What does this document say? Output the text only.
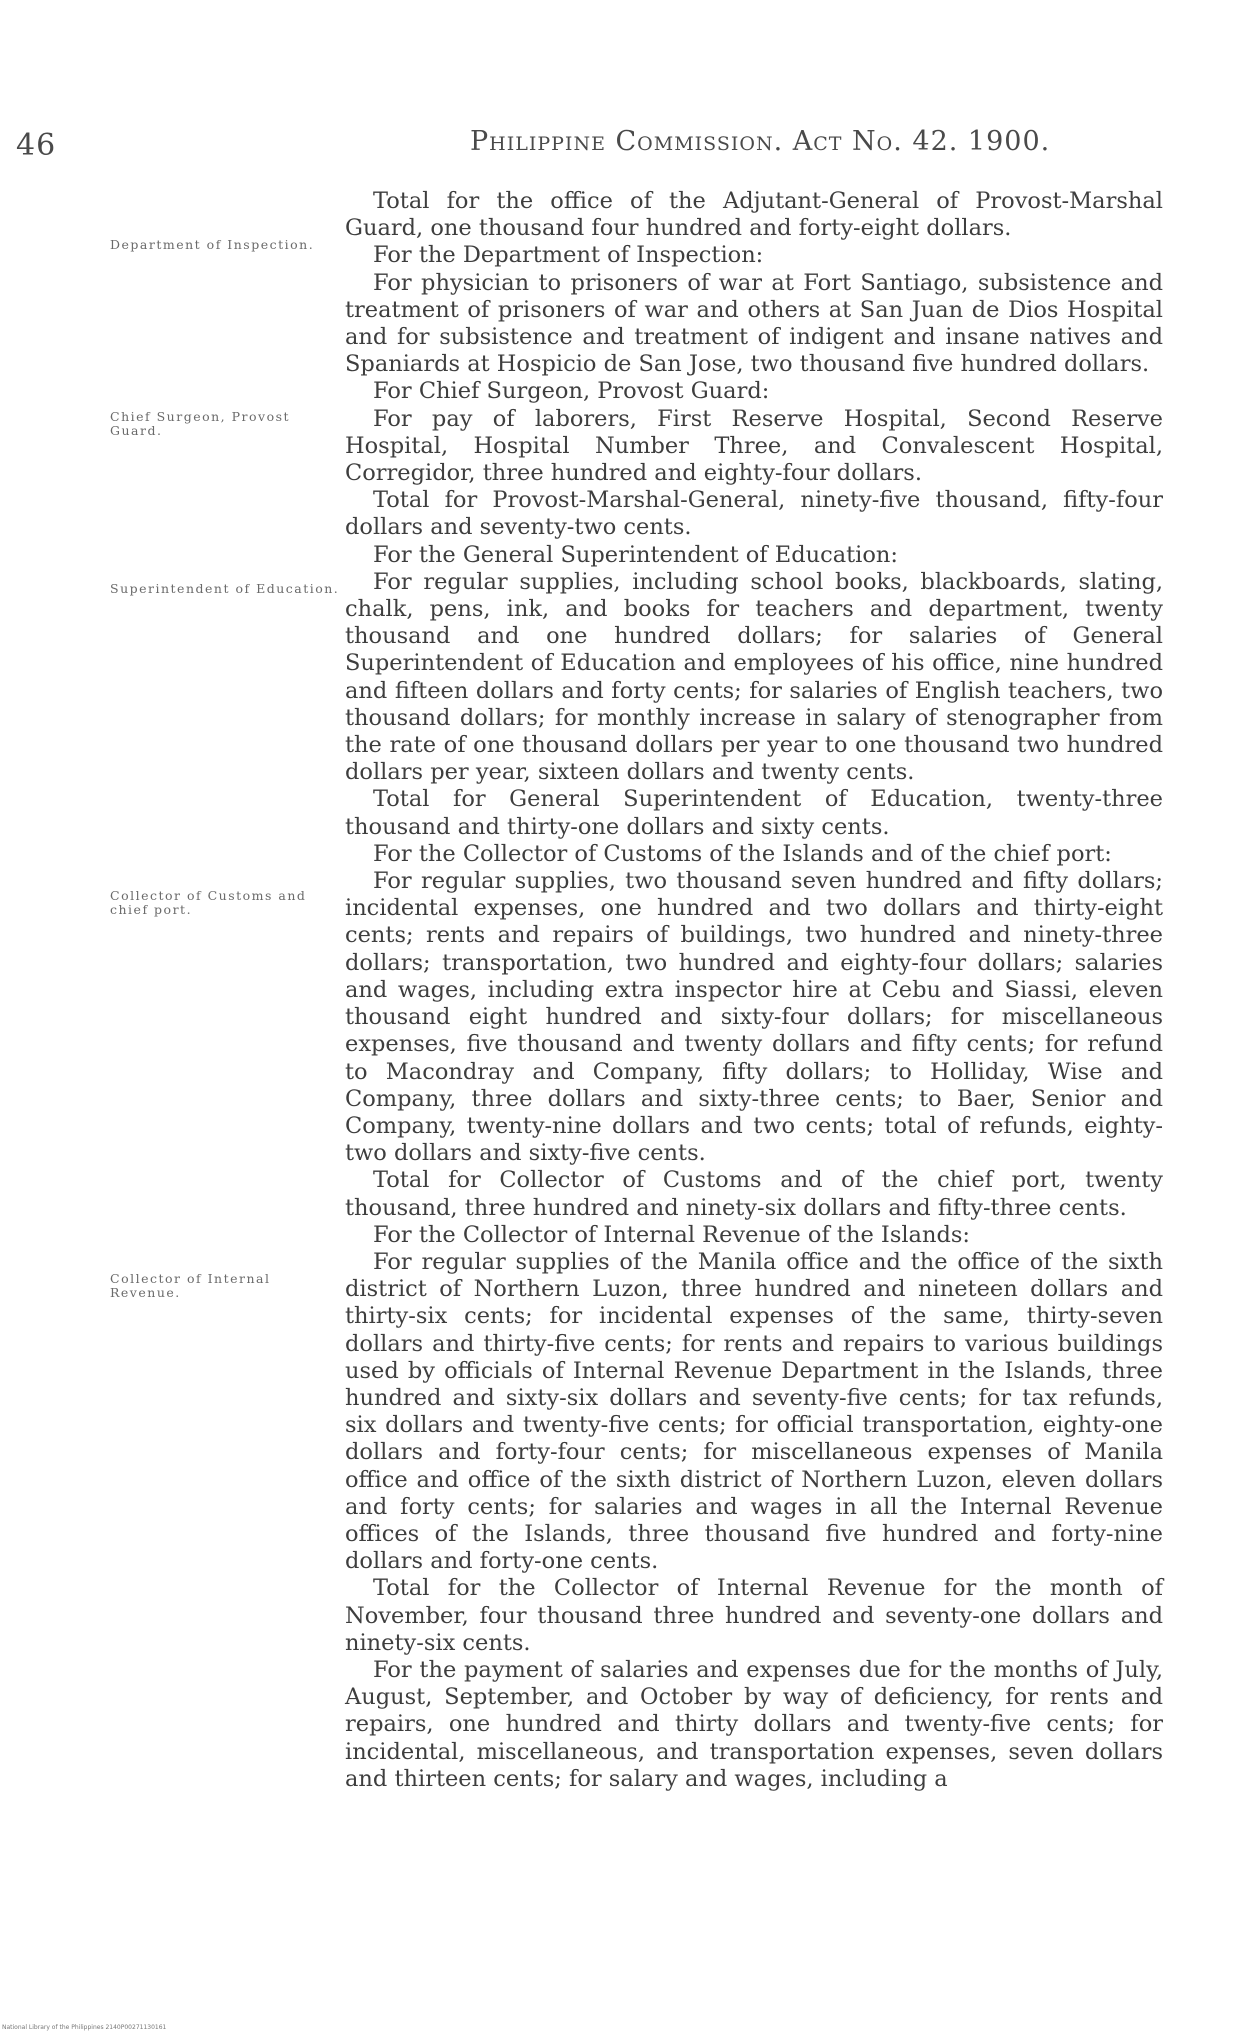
46	Philippine Commission. Act No. 42. 1900.
Department of Inspection.
Chief Surgeon, Provost Guard.
Superintendent of Education.
Collector of Customs and chief port.
Collector of Internal Revenue.

Total for the office of the Adjutant-General of Provost-Marshal Guard, one thousand four hundred and forty-eight dollars.

For the Department of Inspection:

For physician to prisoners of war at Fort Santiago, subsistence and treatment of prisoners of war and others at San Juan de Dios Hospital and for subsistence and treatment of indigent and insane natives and Spaniards at Hospicio de San Jose, two thousand five hundred dollars.

For Chief Surgeon, Provost Guard:

For pay of laborers, First Reserve Hospital, Second Reserve Hospital, Hospital Number Three, and Convalescent Hospital, Corregidor, three hundred and eighty-four dollars.

Total for Provost-Marshal-General, ninety-five thousand, fifty-four dollars and seventy-two cents.

For the General Superintendent of Education:

For regular supplies, including school books, blackboards, slating, chalk, pens, ink, and books for teachers and department, twenty thousand and one hundred dollars; for salaries of General Superintendent of Education and employees of his office, nine hundred and fifteen dollars and forty cents; for salaries of English teachers, two thousand dollars; for monthly increase in salary of stenographer from the rate of one thousand dollars per year to one thousand two hundred dollars per year, sixteen dollars and twenty cents.

Total for General Superintendent of Education, twenty-three thousand and thirty-one dollars and sixty cents.

For the Collector of Customs of the Islands and of the chief port:

For regular supplies, two thousand seven hundred and fifty dollars; incidental expenses, one hundred and two dollars and thirty-eight cents; rents and repairs of buildings, two hundred and ninety-three dollars; transportation, two hundred and eighty-four dollars; salaries and wages, including extra inspector hire at Cebu and Siassi, eleven thousand eight hundred and sixty-four dollars; for miscellaneous expenses, five thousand and twenty dollars and fifty cents; for refund to Macondray and Company, fifty dollars; to Holliday, Wise and Company, three dollars and sixty-three cents; to Baer, Senior and Company, twenty-nine dollars and two cents; total of refunds, eighty-two dollars and sixty-five cents.

Total for Collector of Customs and of the chief port, twenty thousand, three hundred and ninety-six dollars and fifty-three cents.

For the Collector of Internal Revenue of the Islands:

For regular supplies of the Manila office and the office of the sixth district of Northern Luzon, three hundred and nineteen dollars and thirty-six cents; for incidental expenses of the same, thirty-seven dollars and thirty-five cents; for rents and repairs to various buildings used by officials of Internal Revenue Department in the Islands, three hundred and sixty-six dollars and seventy-five cents; for tax refunds, six dollars and twenty-five cents; for official transportation, eighty-one dollars and forty-four cents; for miscellaneous expenses of Manila office and office of the sixth district of Northern Luzon, eleven dollars and forty cents; for salaries and wages in all the Internal Revenue offices of the Islands, three thousand five hundred and forty-nine dollars and forty-one cents.

Total for the Collector of Internal Revenue for the month of November, four thousand three hundred and seventy-one dollars and ninety-six cents.

For the payment of salaries and expenses due for the months of July, August, September, and October by way of deficiency, for rents and repairs, one hundred and thirty dollars and twenty-five cents; for incidental, miscellaneous, and transportation expenses, seven dollars and thirteen cents; for salary and wages, including a

National Library of the Philippines 2140P00271130161
